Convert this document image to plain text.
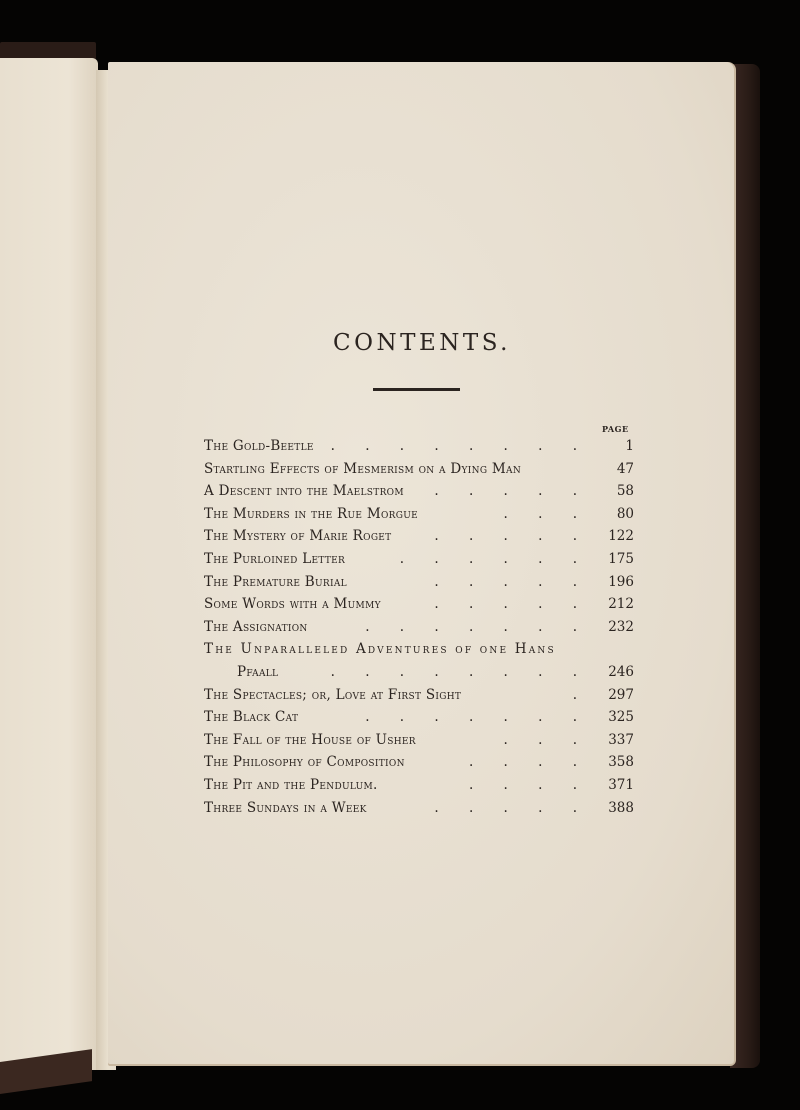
CONTENTS.
PAGE
The Gold-Beetle . . . . . . . .	1
Startling Effects of Mesmerism on a Dying Man	47
A Descent into the Maelstrom . . . . . 58
The Murders in the Rue Morgue	. . . 80
The Mystery of Marie Roget	. . . . . 122
The Purloined Letter	. . . . . . 175
The Premature Burial	. . . . . 196
Some Words with a Mummy	. . . . . 212
The Assignation	. . . . . . . 232
The Unparalleled Adventures of one Hans
Pfaall	. . . . . . . . 246
The Spectacles; or, Love at First Sight	. 297
The Black Cat	. . . . . . . 325
The Fall of the House of Usher	. . . 337
The Philosophy of Composition	. . . . 358
The Pit and the Pendulum.	. . . . 371
Three Sundays in a Week	. . . . . 388
